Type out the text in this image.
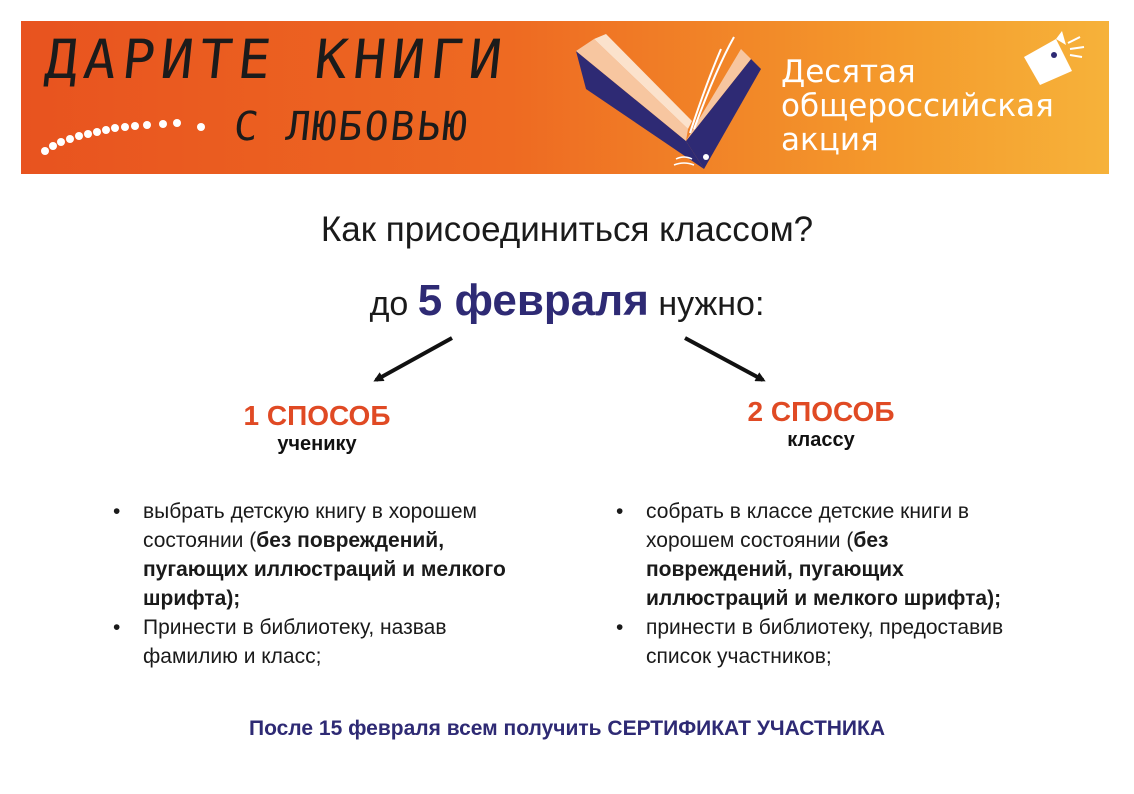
ДАРИТЕ КНИГИ
С ЛЮБОВЬЮ
Десятая
общероссийская
акция
Как присоединиться классом?
до 5 февраля нужно:
1 СПОСОБ
ученику
2 СПОСОБ
классу
• выбрать детскую книгу в хорошем состоянии (без повреждений, пугающих иллюстраций и мелкого шрифта);
• Принести в библиотеку, назвав фамилию и класс;
• собрать в классе детские книги в хорошем состоянии (без повреждений, пугающих иллюстраций и мелкого шрифта);
• принести в библиотеку, предоставив список участников;
После 15 февраля всем получить СЕРТИФИКАТ УЧАСТНИКА
